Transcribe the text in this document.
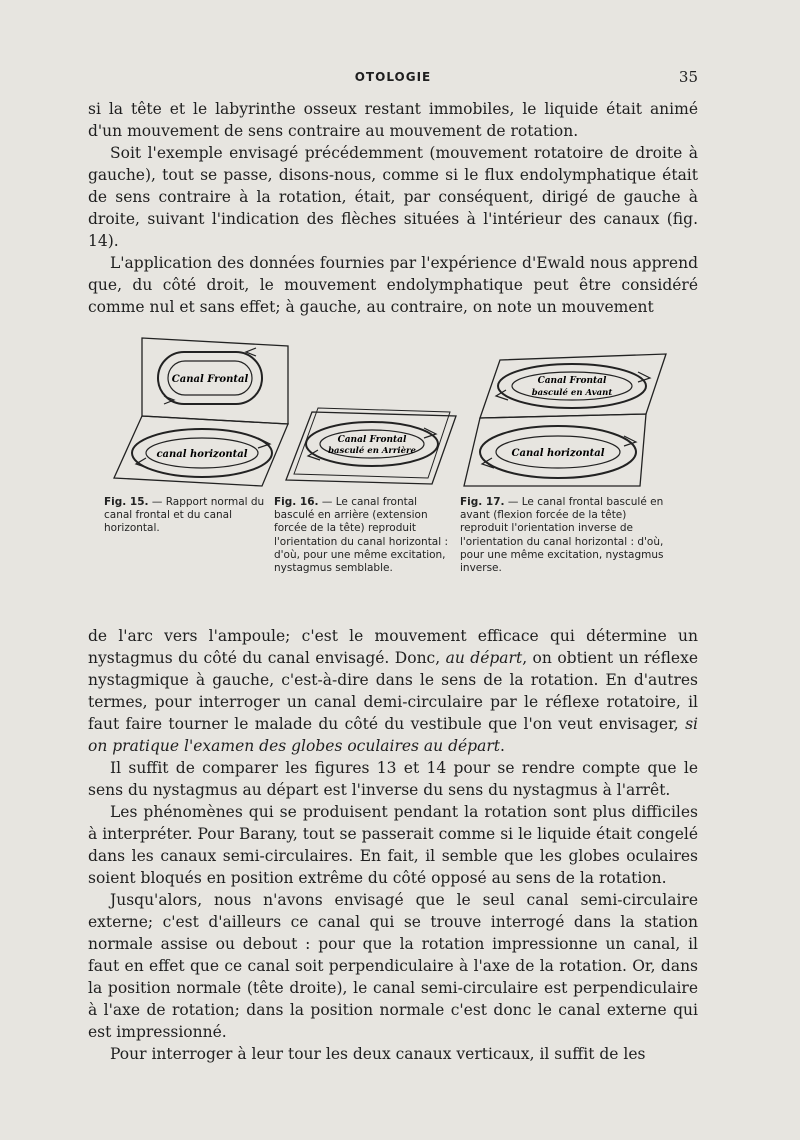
OTOLOGIE	35

si la tête et le labyrinthe osseux restant immobiles, le liquide était animé d'un mouvement de sens contraire au mouvement de rotation.

Soit l'exemple envisagé précédemment (mouvement rotatoire de droite à gauche), tout se passe, disons-nous, comme si le flux endolymphatique était de sens contraire à la rotation, était, par conséquent, dirigé de gauche à droite, suivant l'indication des flèches situées à l'intérieur des canaux (fig. 14).

L'application des données fournies par l'expérience d'Ewald nous apprend que, du côté droit, le mouvement endolymphatique peut être considéré comme nul et sans effet; à gauche, au contraire, on note un mouvement

Canal Frontal
canal horizontal
Canal Frontal
basculé en Arrière
Canal Frontal
basculé en Avant
Canal horizontal
Fig. 15. — Rapport normal du canal frontal et du canal horizontal.
Fig. 16. — Le canal frontal basculé en arrière (extension forcée de la tête) reproduit l'orientation du canal horizontal : d'où, pour une même excitation, nystagmus semblable.
Fig. 17. — Le canal frontal basculé en avant (flexion forcée de la tête) reproduit l'orientation inverse de l'orientation du canal horizontal : d'où, pour une même excitation, nystagmus inverse.

de l'arc vers l'ampoule; c'est le mouvement efficace qui détermine un nystagmus du côté du canal envisagé. Donc, au départ, on obtient un réflexe nystagmique à gauche, c'est-à-dire dans le sens de la rotation. En d'autres termes, pour interroger un canal demi-circulaire par le réflexe rotatoire, il faut faire tourner le malade du côté du vestibule que l'on veut envisager, si on pratique l'examen des globes oculaires au départ.

Il suffit de comparer les figures 13 et 14 pour se rendre compte que le sens du nystagmus au départ est l'inverse du sens du nystagmus à l'arrêt.

Les phénomènes qui se produisent pendant la rotation sont plus difficiles à interpréter. Pour Barany, tout se passerait comme si le liquide était congelé dans les canaux semi-circulaires. En fait, il semble que les globes oculaires soient bloqués en position extrême du côté opposé au sens de la rotation.

Jusqu'alors, nous n'avons envisagé que le seul canal semi-circulaire externe; c'est d'ailleurs ce canal qui se trouve interrogé dans la station normale assise ou debout : pour que la rotation impressionne un canal, il faut en effet que ce canal soit perpendiculaire à l'axe de la rotation. Or, dans la position normale (tête droite), le canal semi-circulaire est perpendiculaire à l'axe de rotation; dans la position normale c'est donc le canal externe qui est impressionné.

Pour interroger à leur tour les deux canaux verticaux, il suffit de les
